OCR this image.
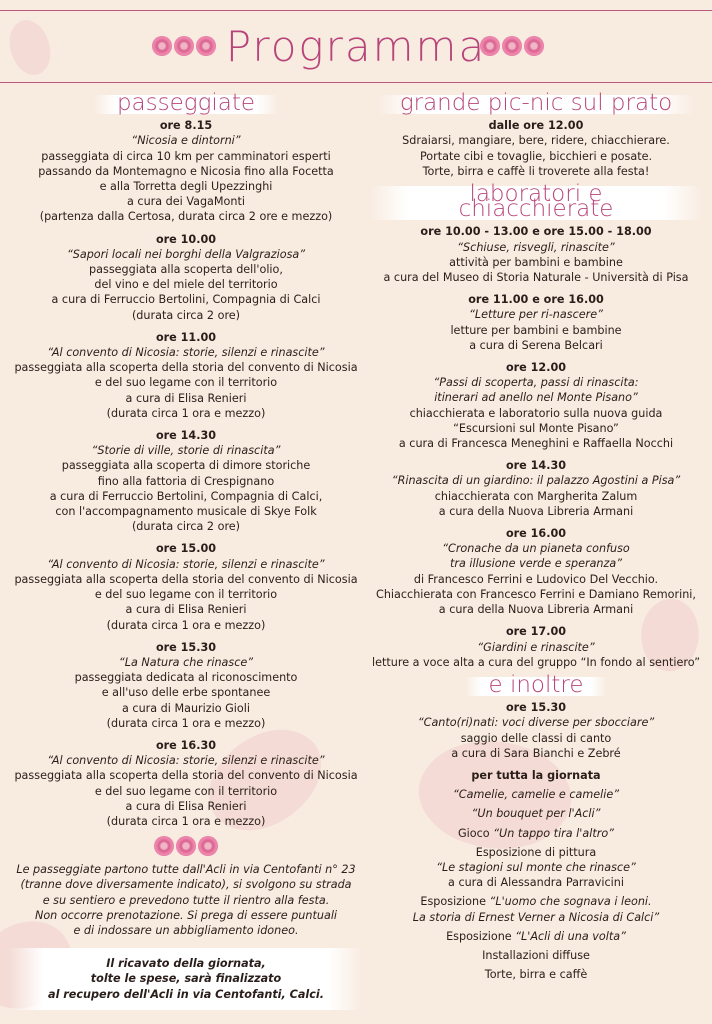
Programma
passeggiate
ore 8.15
“Nicosia e dintorni”
passeggiata di circa 10 km per camminatori esperti
passando da Montemagno e Nicosia fino alla Focetta
e alla Torretta degli Upezzinghi
a cura dei VagaMonti
(partenza dalla Certosa, durata circa 2 ore e mezzo)
ore 10.00
“Sapori locali nei borghi della Valgraziosa”
passeggiata alla scoperta dell'olio,
del vino e del miele del territorio
a cura di Ferruccio Bertolini, Compagnia di Calci
(durata circa 2 ore)
ore 11.00
“Al convento di Nicosia: storie, silenzi e rinascite”
passeggiata alla scoperta della storia del convento di Nicosia
e del suo legame con il territorio
a cura di Elisa Renieri
(durata circa 1 ora e mezzo)
ore 14.30
“Storie di ville, storie di rinascita”
passeggiata alla scoperta di dimore storiche
fino alla fattoria di Crespignano
a cura di Ferruccio Bertolini, Compagnia di Calci,
con l'accompagnamento musicale di Skye Folk
(durata circa 2 ore)
ore 15.00
“Al convento di Nicosia: storie, silenzi e rinascite”
passeggiata alla scoperta della storia del convento di Nicosia
e del suo legame con il territorio
a cura di Elisa Renieri
(durata circa 1 ora e mezzo)
ore 15.30
“La Natura che rinasce”
passeggiata dedicata al riconoscimento
e all'uso delle erbe spontanee
a cura di Maurizio Gioli
(durata circa 1 ora e mezzo)
ore 16.30
“Al convento di Nicosia: storie, silenzi e rinascite”
passeggiata alla scoperta della storia del convento di Nicosia
e del suo legame con il territorio
a cura di Elisa Renieri
(durata circa 1 ora e mezzo)
Le passeggiate partono tutte dall'Acli in via Centofanti n° 23
(tranne dove diversamente indicato), si svolgono su strada
e su sentiero e prevedono tutte il rientro alla festa.
Non occorre prenotazione. Si prega di essere puntuali
e di indossare un abbigliamento idoneo.
Il ricavato della giornata,
tolte le spese, sarà finalizzato
al recupero dell'Acli in via Centofanti, Calci.
grande pic-nic sul prato
dalle ore 12.00
Sdraiarsi, mangiare, bere, ridere, chiacchierare.
Portate cibi e tovaglie, bicchieri e posate.
Torte, birra e caffè li troverete alla festa!
laboratori e chiacchierate
ore 10.00 - 13.00 e ore 15.00 - 18.00
“Schiuse, risvegli, rinascite”
attività per bambini e bambine
a cura del Museo di Storia Naturale - Università di Pisa
ore 11.00 e ore 16.00
“Letture per ri-nascere”
letture per bambini e bambine
a cura di Serena Belcari
ore 12.00
“Passi di scoperta, passi di rinascita:
itinerari ad anello nel Monte Pisano”
chiacchierata e laboratorio sulla nuova guida
“Escursioni sul Monte Pisano”
a cura di Francesca Meneghini e Raffaella Nocchi
ore 14.30
“Rinascita di un giardino: il palazzo Agostini a Pisa”
chiacchierata con Margherita Zalum
a cura della Nuova Libreria Armani
ore 16.00
“Cronache da un pianeta confuso
tra illusione verde e speranza”
di Francesco Ferrini e Ludovico Del Vecchio.
Chiacchierata con Francesco Ferrini e Damiano Remorini,
a cura della Nuova Libreria Armani
ore 17.00
“Giardini e rinascite”
letture a voce alta a cura del gruppo “In fondo al sentiero”
e inoltre
ore 15.30
“Canto(ri)nati: voci diverse per sbocciare”
saggio delle classi di canto
a cura di Sara Bianchi e Zebré
per tutta la giornata
“Camelie, camelie e camelie”
“Un bouquet per l'Acli”
Gioco “Un tappo tira l'altro”
Esposizione di pittura
“Le stagioni sul monte che rinasce”
a cura di Alessandra Parravicini
Esposizione “L'uomo che sognava i leoni.
La storia di Ernest Verner a Nicosia di Calci”
Esposizione “L'Acli di una volta”
Installazioni diffuse
Torte, birra e caffè
